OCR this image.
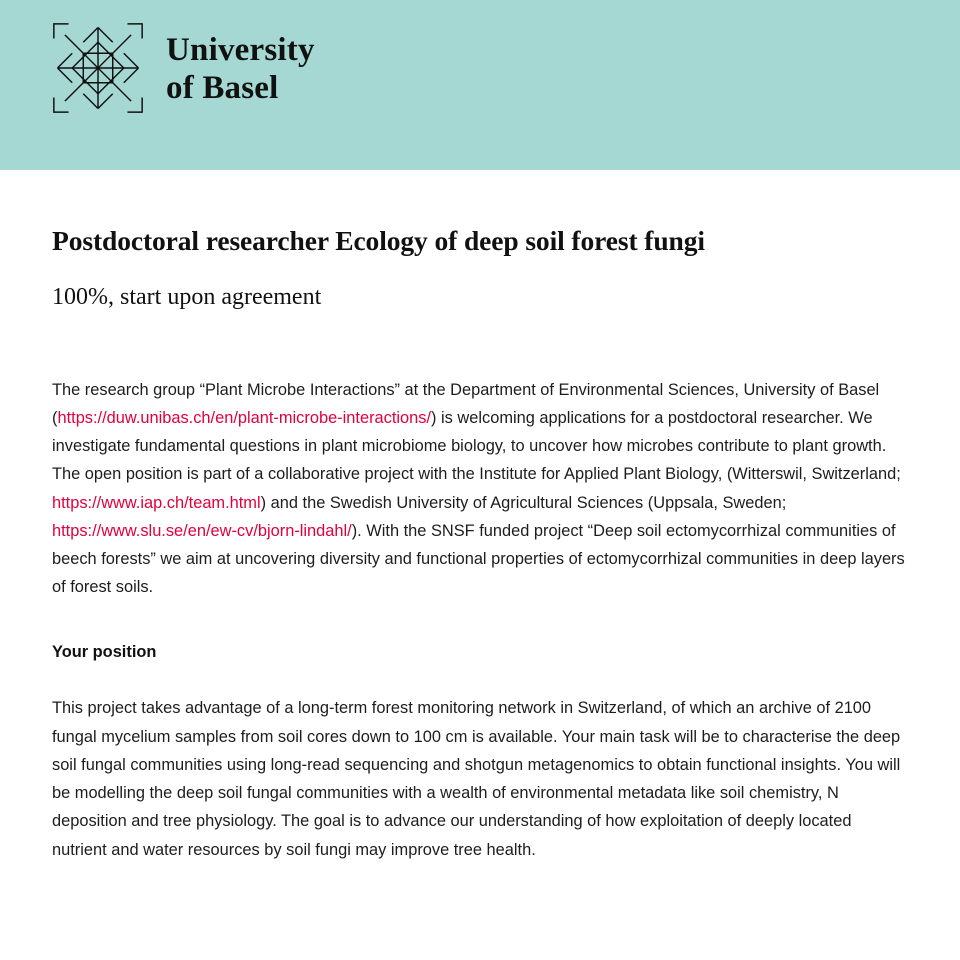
University
of Basel
Postdoctoral researcher Ecology of deep soil forest fungi
100%, start upon agreement

The research group “Plant Microbe Interactions” at the Department of Environmental Sciences, University of Basel (https://duw.unibas.ch/en/plant-microbe-interactions/) is welcoming applications for a postdoctoral researcher. We investigate fundamental questions in plant microbiome biology, to uncover how microbes contribute to plant growth. The open position is part of a collaborative project with the Institute for Applied Plant Biology, (Witterswil, Switzerland; https://www.iap.ch/team.html) and the Swedish University of Agricultural Sciences (Uppsala, Sweden; https://www.slu.se/en/ew-cv/bjorn-lindahl/). With the SNSF funded project “Deep soil ectomycorrhizal communities of beech forests” we aim at uncovering diversity and functional properties of ectomycorrhizal communities in deep layers of forest soils.

Your position

This project takes advantage of a long-term forest monitoring network in Switzerland, of which an archive of 2100 fungal mycelium samples from soil cores down to 100 cm is available. Your main task will be to characterise the deep soil fungal communities using long-read sequencing and shotgun metagenomics to obtain functional insights. You will be modelling the deep soil fungal communities with a wealth of environmental metadata like soil chemistry, N deposition and tree physiology. The goal is to advance our understanding of how exploitation of deeply located nutrient and water resources by soil fungi may improve tree health.
